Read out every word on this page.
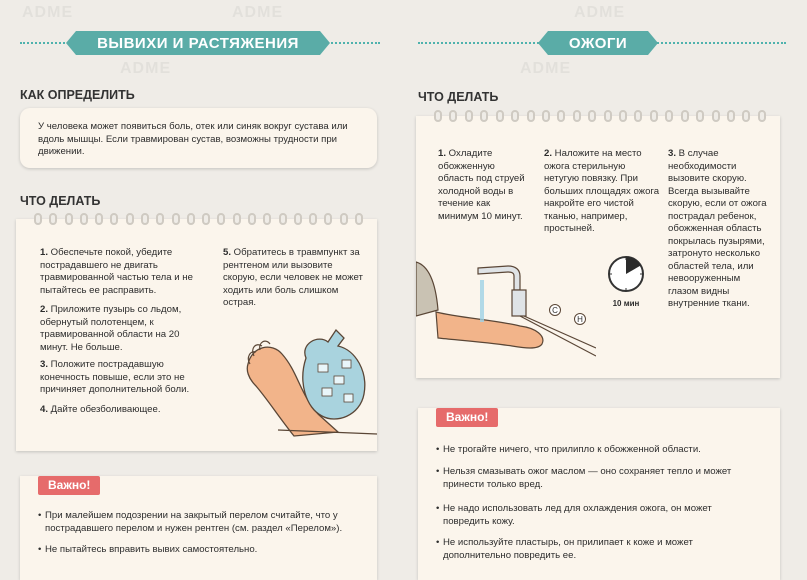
ADME	ADME	ADME
ADME	ADME
ВЫВИХИ И РАСТЯЖЕНИЯ
КАК ОПРЕДЕЛИТЬ
У человека может появиться боль, отек или синяк вокруг сустава или вдоль мышцы. Если травмирован сустав, возможны трудности при движении.
ЧТО ДЕЛАТЬ
1. Обеспечьте покой, убедите пострадавшего не двигать травмированной частью тела и не пытайтесь ее расправить.
2. Приложите пузырь со льдом, обернутый полотенцем, к травмированной области на 20 минут. Не больше.
3. Положите пострадавшую конечность повыше, если это не причиняет дополнительной боли.
4. Дайте обезболивающее.
5. Обратитесь в травмпункт за рентгеном или вызовите скорую, если человек не может ходить или боль слишком острая.
Важно!
• При малейшем подозрении на закрытый перелом считайте, что у пострадавшего перелом и нужен рентген (см. раздел «Перелом»).
• Не пытайтесь вправить вывих самостоятельно.
ОЖОГИ
ЧТО ДЕЛАТЬ
1. Охладите обожженную область под струей холодной воды в течение как минимум 10 минут.
2. Наложите на место ожога стерильную нетугую повязку. При больших площадях ожога накройте его чистой тканью, например, простыней.
3. В случае необходимости вызовите скорую. Всегда вызывайте скорую, если от ожога пострадал ребенок, обожженная область покрылась пузырями, затронуто несколько областей тела, или невооруженным глазом видны внутренние ткани.
C
H
10 мин
Важно!
• Не трогайте ничего, что прилипло к обожженной области.
• Нельзя смазывать ожог маслом — оно сохраняет тепло и может принести только вред.
• Не надо использовать лед для охлаждения ожога, он может повредить кожу.
• Не используйте пластырь, он прилипает к коже и может дополнительно повредить ее.
